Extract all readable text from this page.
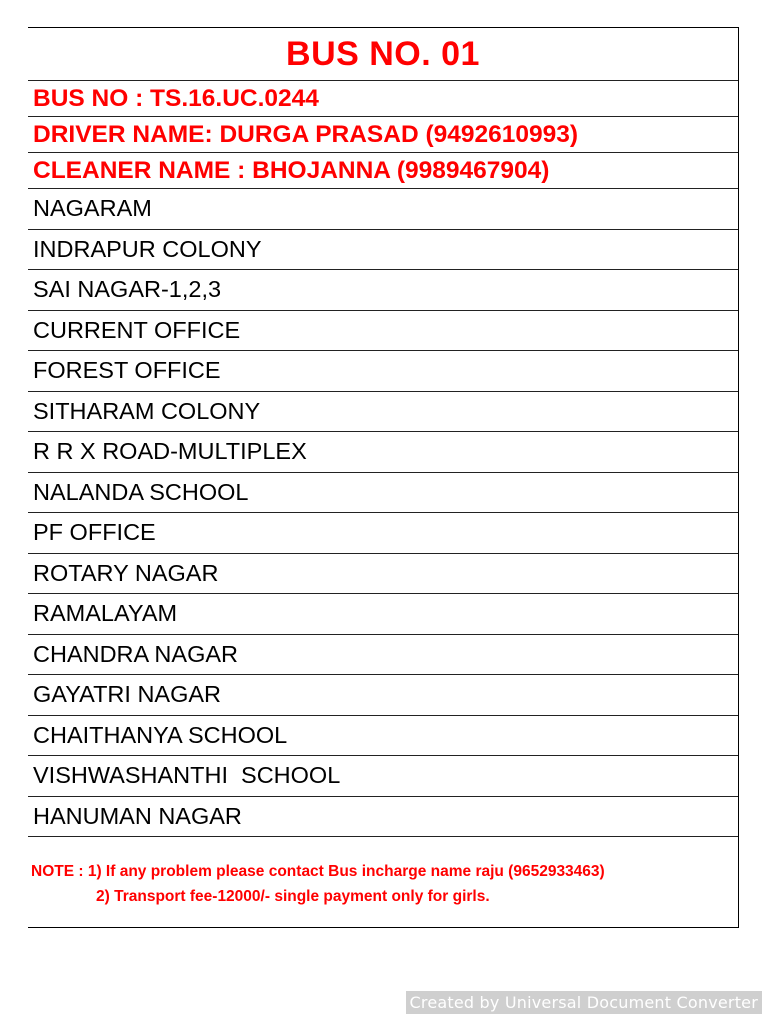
BUS NO. 01
BUS NO : TS.16.UC.0244
DRIVER NAME: DURGA PRASAD (9492610993)
CLEANER NAME : BHOJANNA (9989467904)
NAGARAM
INDRAPUR COLONY
SAI NAGAR-1,2,3
CURRENT OFFICE
FOREST OFFICE
SITHARAM COLONY
R R X ROAD-MULTIPLEX
NALANDA SCHOOL
PF OFFICE
ROTARY NAGAR
RAMALAYAM
CHANDRA NAGAR
GAYATRI NAGAR
CHAITHANYA SCHOOL
VISHWASHANTHI  SCHOOL
HANUMAN NAGAR
NOTE : 1) If any problem please contact Bus incharge name raju (9652933463)
2) Transport fee-12000/- single payment only for girls.
Created by Universal Document Converter
